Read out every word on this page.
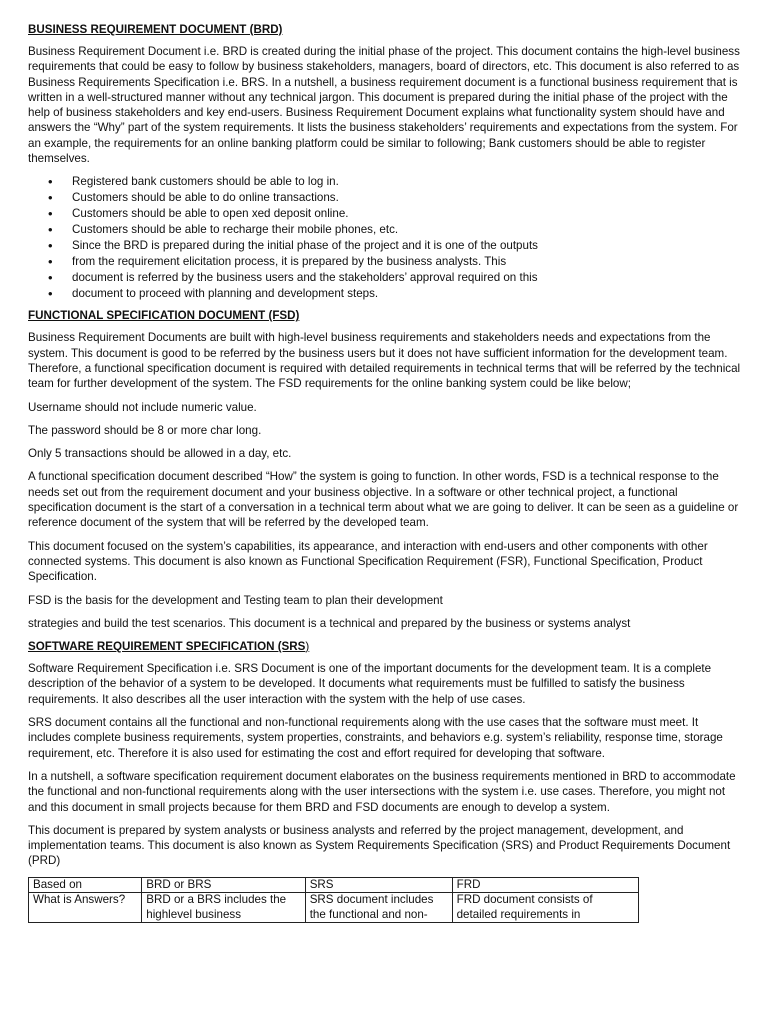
BUSINESS REQUIREMENT DOCUMENT (BRD)

Business Requirement Document i.e. BRD is created during the initial phase of the project. This document contains the high-level business requirements that could be easy to follow by business stakeholders, managers, board of directors, etc. This document is also referred to as Business Requirements Specification i.e. BRS. In a nutshell, a business requirement document is a functional business requirement that is written in a well-structured manner without any technical jargon. This document is prepared during the initial phase of the project with the help of business stakeholders and key end-users. Business Requirement Document explains what functionality system should have and answers the “Why” part of the system requirements. It lists the business stakeholders’ requirements and expectations from the system. For an example, the requirements for an online banking platform could be similar to following; Bank customers should be able to register themselves.

• Registered bank customers should be able to log in.
• Customers should be able to do online transactions.
• Customers should be able to open xed deposit online.
• Customers should be able to recharge their mobile phones, etc.
• Since the BRD is prepared during the initial phase of the project and it is one of the outputs
• from the requirement elicitation process, it is prepared by the business analysts. This
• document is referred by the business users and the stakeholders’ approval required on this
• document to proceed with planning and development steps.
FUNCTIONAL SPECIFICATION DOCUMENT (FSD)

Business Requirement Documents are built with high-level business requirements and stakeholders needs and expectations from the system. This document is good to be referred by the business users but it does not have sufficient information for the development team. Therefore, a functional specification document is required with detailed requirements in technical terms that will be referred by the technical team for further development of the system. The FSD requirements for the online banking system could be like below;

Username should not include numeric value.

The password should be 8 or more char long.

Only 5 transactions should be allowed in a day, etc.

A functional specification document described “How” the system is going to function. In other words, FSD is a technical response to the needs set out from the requirement document and your business objective. In a software or other technical project, a functional specification document is the start of a conversation in a technical term about what we are going to deliver. It can be seen as a guideline or reference document of the system that will be referred by the developed team.

This document focused on the system’s capabilities, its appearance, and interaction with end-users and other components with other connected systems. This document is also known as Functional Specification Requirement (FSR), Functional Specification, Product Specification.

FSD is the basis for the development and Testing team to plan their development

strategies and build the test scenarios. This document is a technical and prepared by the business or systems analyst

SOFTWARE REQUIREMENT SPECIFICATION (SRS)

Software Requirement Specification i.e. SRS Document is one of the important documents for the development team. It is a complete description of the behavior of a system to be developed. It documents what requirements must be fulfilled to satisfy the business requirements. It also describes all the user interaction with the system with the help of use cases.

SRS document contains all the functional and non-functional requirements along with the use cases that the software must meet. It includes complete business requirements, system properties, constraints, and behaviors e.g. system’s reliability, response time, storage requirement, etc. Therefore it is also used for estimating the cost and effort required for developing that software.

In a nutshell, a software specification requirement document elaborates on the business requirements mentioned in BRD to accommodate the functional and non-functional requirements along with the user intersections with the system i.e. use cases. Therefore, you might not and this document in small projects because for them BRD and FSD documents are enough to develop a system.

This document is prepared by system analysts or business analysts and referred by the project management, development, and implementation teams. This document is also known as System Requirements Specification (SRS) and Product Requirements Document (PRD)

Based on	BRD or BRS	SRS	FRD
What is Answers?	BRD or a BRS includes the highlevel business	SRS document includes the functional and non-	FRD document consists of detailed requirements in
